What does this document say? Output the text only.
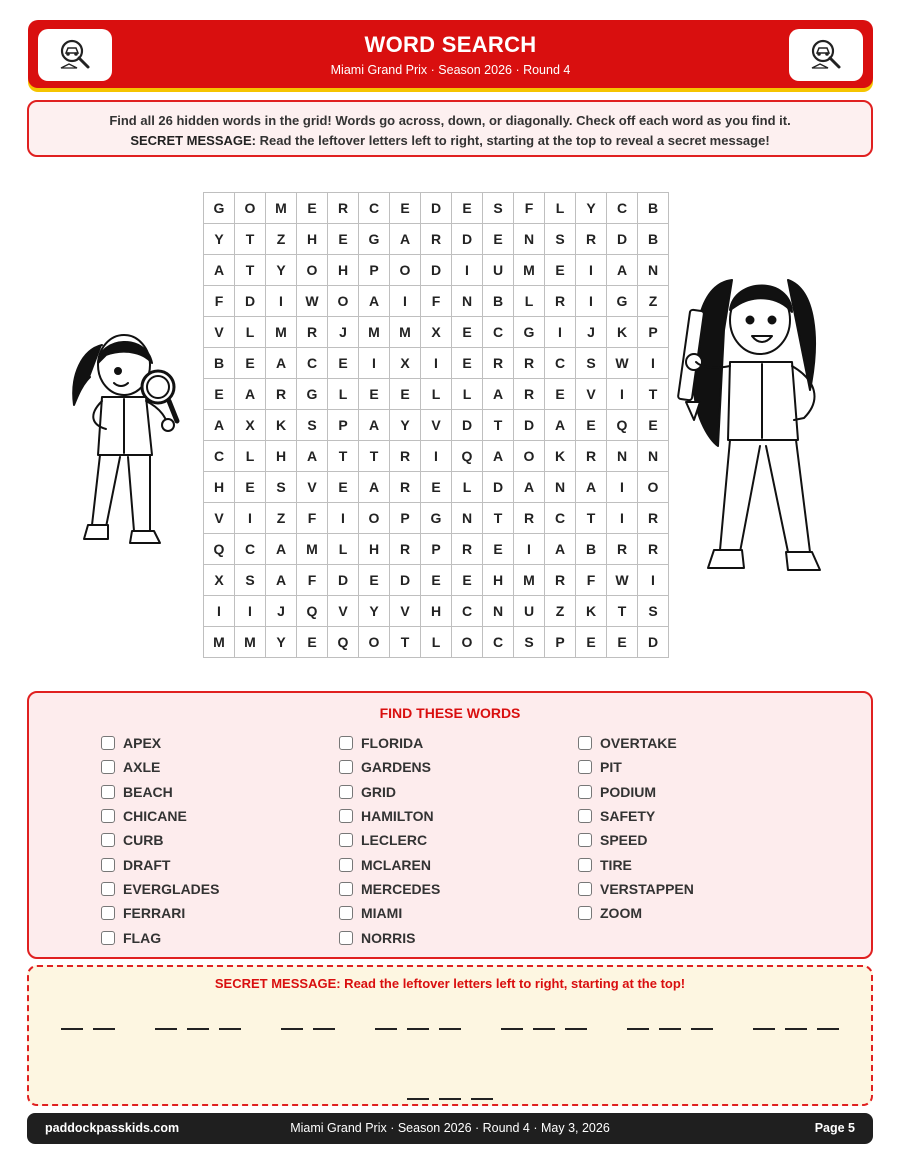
WORD SEARCH
Miami Grand Prix · Season 2026 · Round 4
Find all 26 hidden words in the grid! Words go across, down, or diagonally. Check off each word as you find it.
SECRET MESSAGE: Read the leftover letters left to right, starting at the top to reveal a secret message!
G	O	M	E	R	C	E	D	E	S	F	L	Y	C	B
Y	T	Z	H	E	G	A	R	D	E	N	S	R	D	B
A	T	Y	O	H	P	O	D	I	U	M	E	I	A	N
F	D	I	W	O	A	I	F	N	B	L	R	I	G	Z
V	L	M	R	J	M	M	X	E	C	G	I	J	K	P
B	E	A	C	E	I	X	I	E	R	R	C	S	W	I
E	A	R	G	L	E	E	L	L	A	R	E	V	I	T
A	X	K	S	P	A	Y	V	D	T	D	A	E	Q	E
C	L	H	A	T	T	R	I	Q	A	O	K	R	N	N
H	E	S	V	E	A	R	E	L	D	A	N	A	I	O
V	I	Z	F	I	O	P	G	N	T	R	C	T	I	R
Q	C	A	M	L	H	R	P	R	E	I	A	B	R	R
X	S	A	F	D	E	D	E	E	H	M	R	F	W	I
I	I	J	Q	V	Y	V	H	C	N	U	Z	K	T	S
M	M	Y	E	Q	O	T	L	O	C	S	P	E	E	D
FIND THESE WORDS
APEX
AXLE
BEACH
CHICANE
CURB
DRAFT
EVERGLADES
FERRARI
FLAG
FLORIDA
GARDENS
GRID
HAMILTON
LECLERC
MCLAREN
MERCEDES
MIAMI
NORRIS
OVERTAKE
PIT
PODIUM
SAFETY
SPEED
TIRE
VERSTAPPEN
ZOOM
SECRET MESSAGE: Read the leftover letters left to right, starting at the top!
paddockpasskids.com	Miami Grand Prix · Season 2026 · Round 4 · May 3, 2026	Page 5
